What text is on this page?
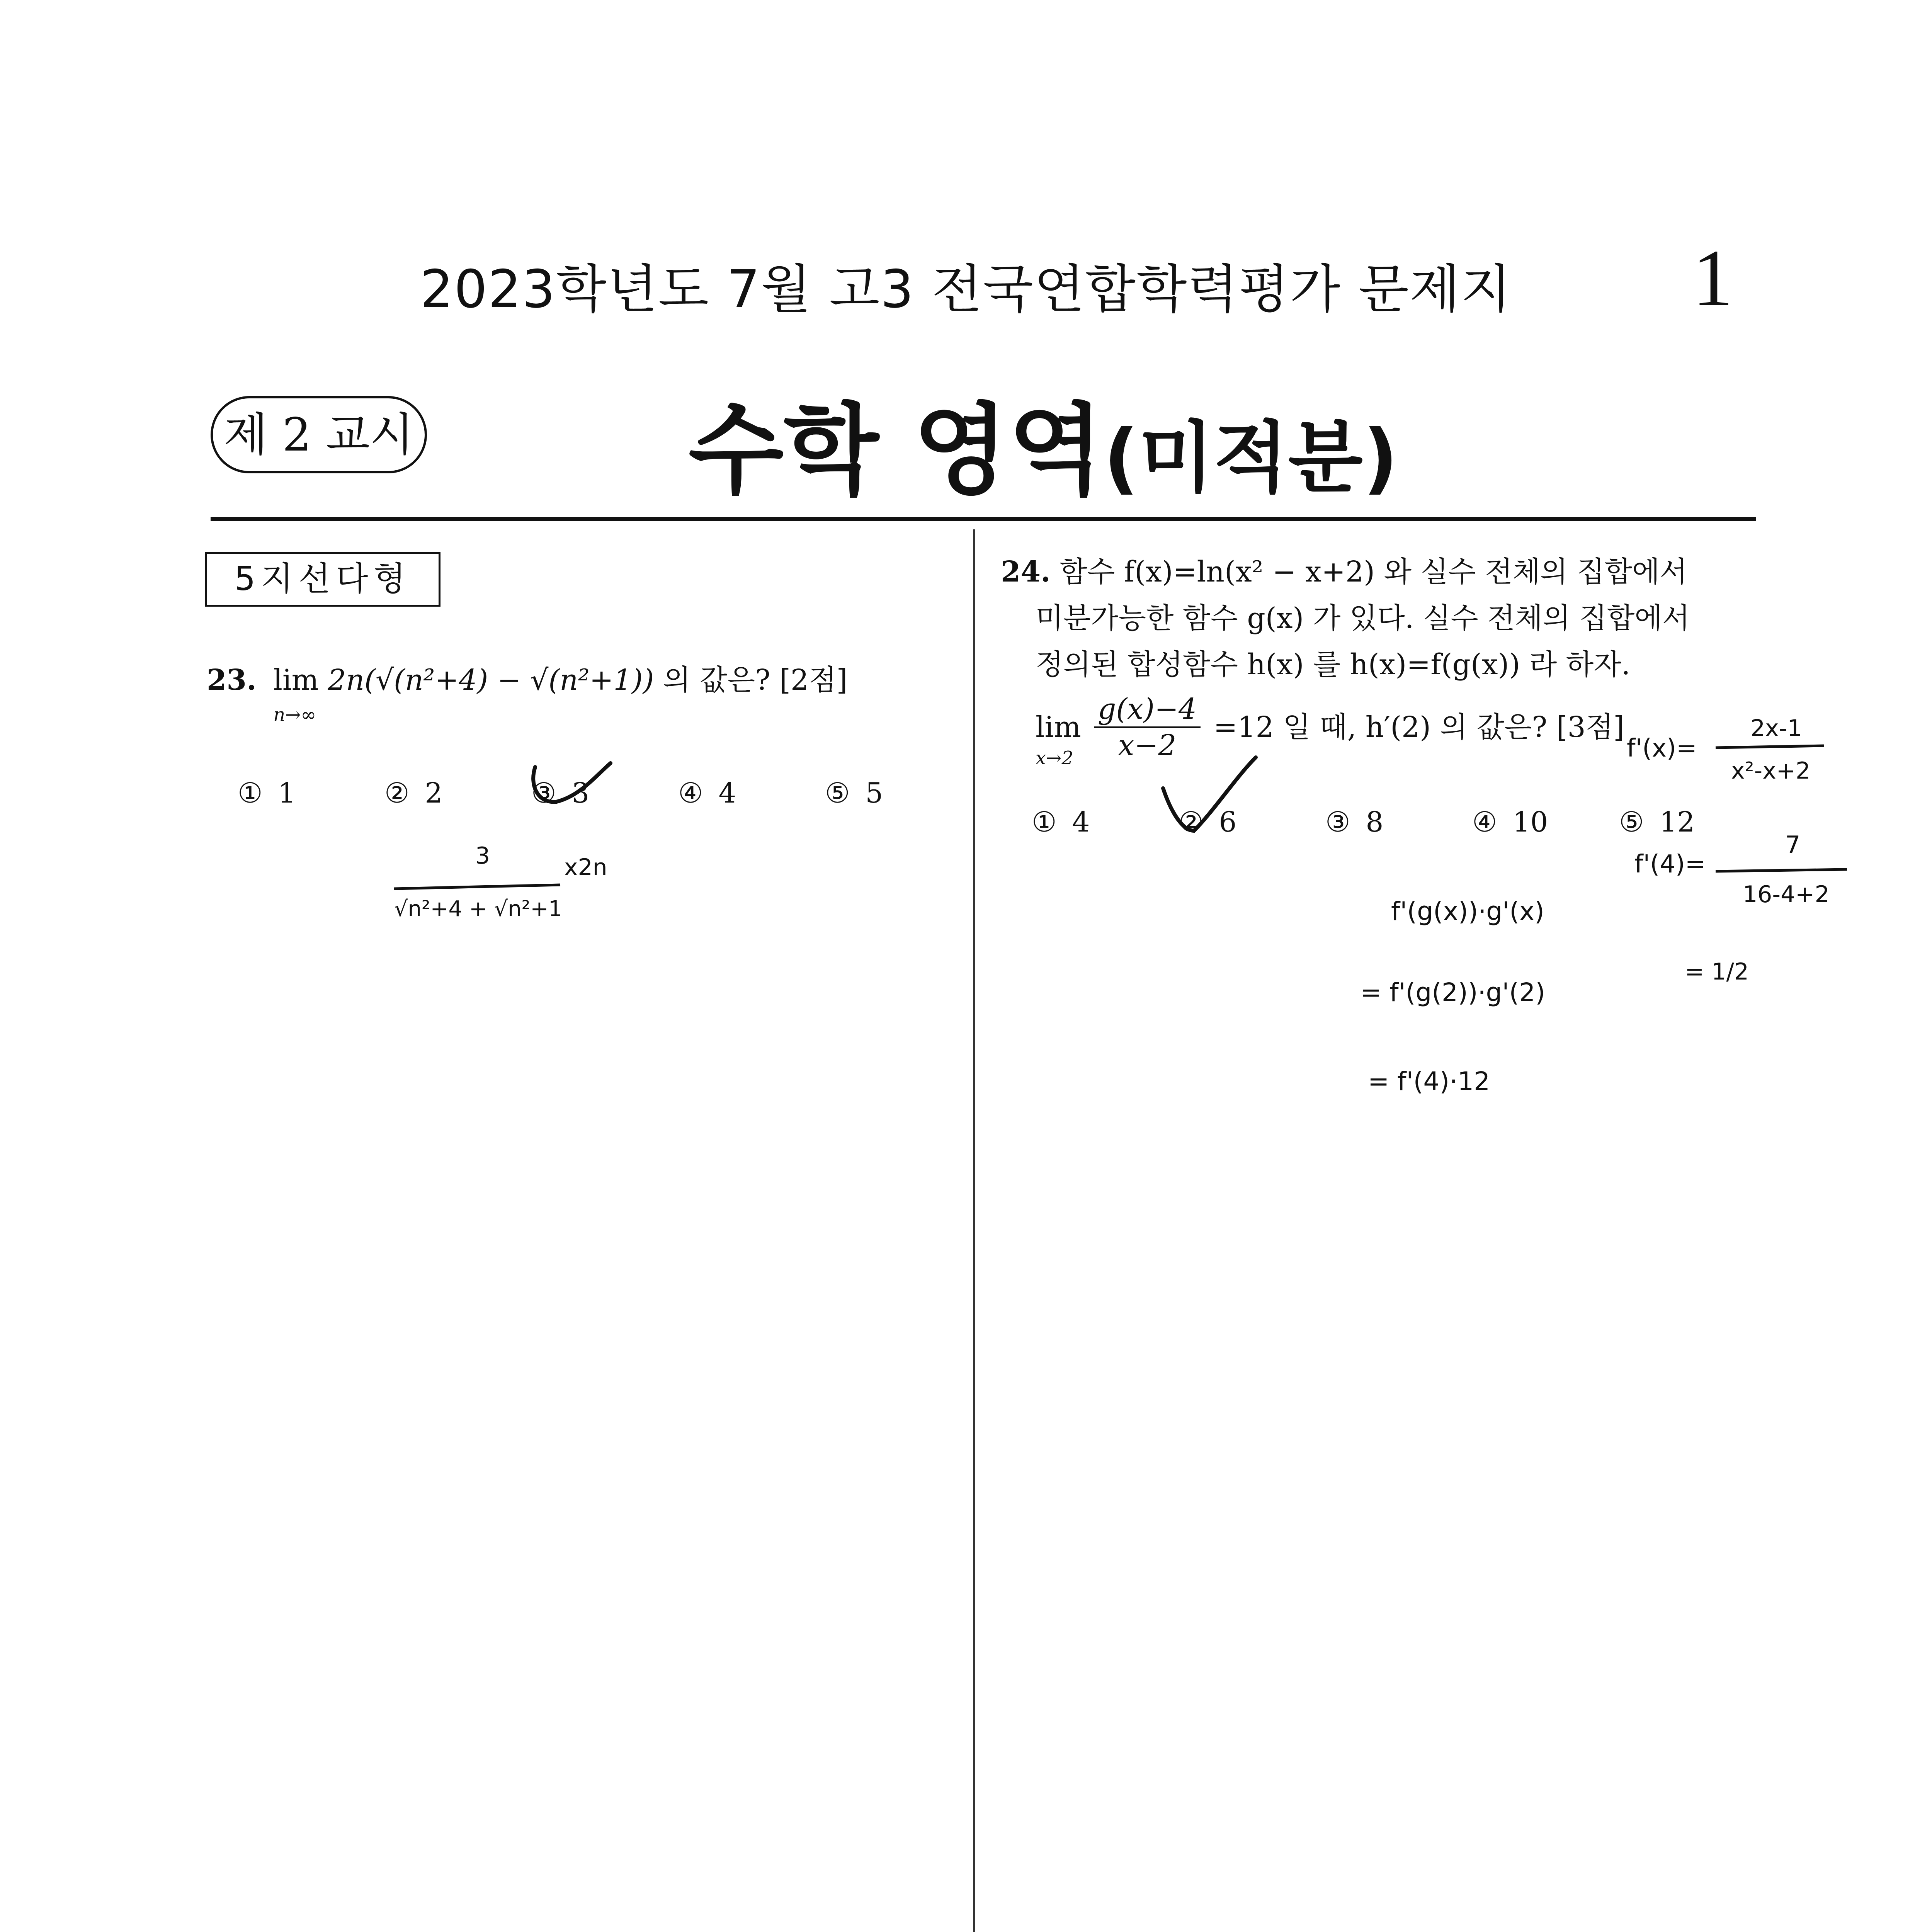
2023학년도 7월 고3 전국연합학력평가 문제지	1
제 2 교시	수학 영역(미적분)
5지선다형
23. lim
n→∞
2n(√(n²+4) − √(n²+1)) 의 값은? [2점]
① 1	② 2	③ 3	④ 4	⑤ 5
24. 함수 f(x)=ln(x² − x+2) 와 실수 전체의 집합에서
미분가능한 함수 g(x) 가 있다. 실수 전체의 집합에서
정의된 합성함수 h(x) 를 h(x)=f(g(x)) 라 하자.
lim
x→2
$\frac{g(x)-4}{x-2} =12$ 일 때, h′(2) 의 값은? [3점]
① 4	② 6	③ 8	④ 10	⑤ 12
3	x2n
√n²+4 + √n²+1
f'(x)=
2x-1
x²-x+2
f'(4)=
7
16-4+2
= 1/2
f'(g(x))·g'(x)
= f'(g(2))·g'(2)
= f'(4)·12
